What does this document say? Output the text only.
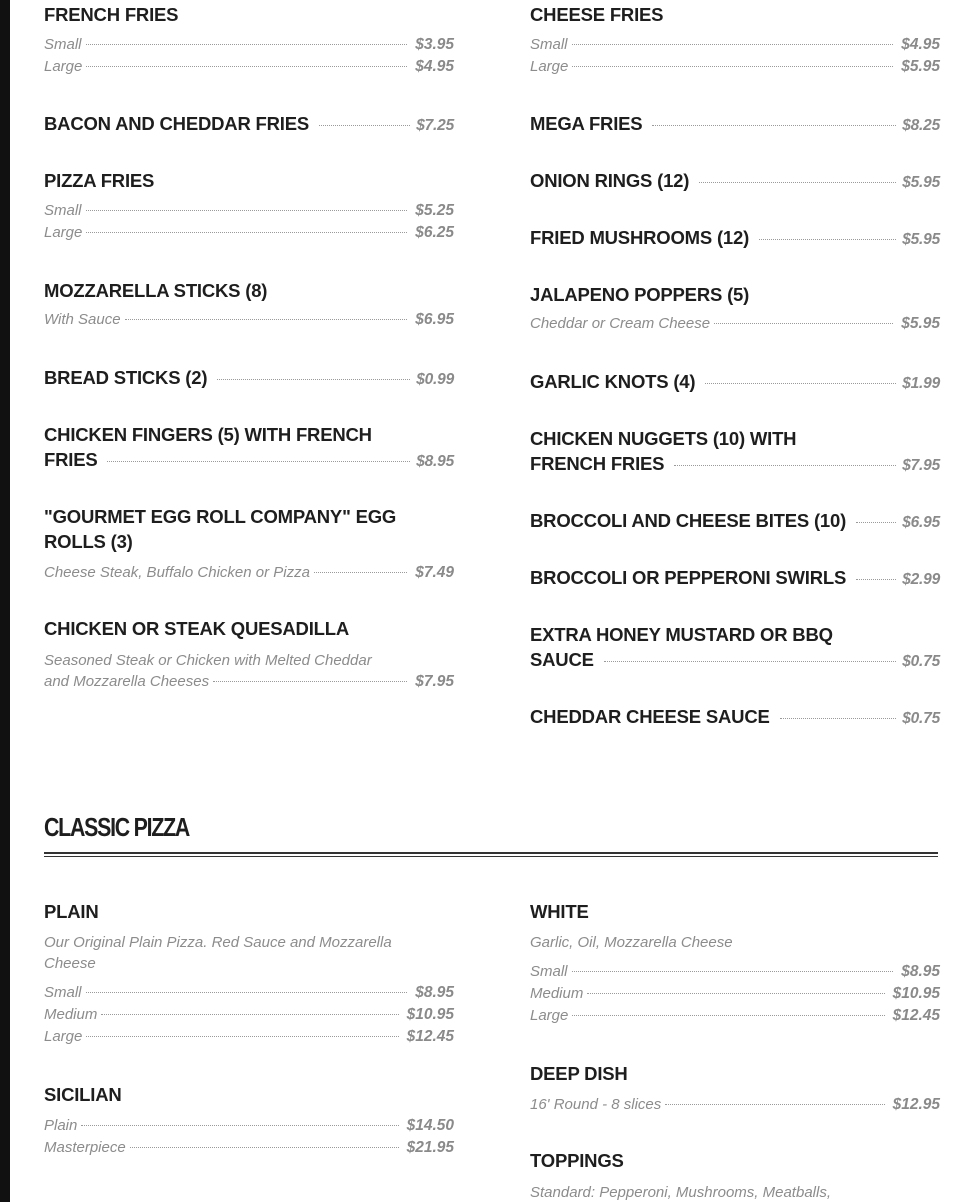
FRENCH FRIES
Small	$3.95
Large	$4.95
BACON AND CHEDDAR FRIES	$7.25
PIZZA FRIES
Small	$5.25
Large	$6.25
MOZZARELLA STICKS (8)
With Sauce	$6.95
BREAD STICKS (2)	$0.99
CHICKEN FINGERS (5) WITH FRENCH
FRIES	$8.95
"GOURMET EGG ROLL COMPANY" EGG
ROLLS (3)
Cheese Steak, Buffalo Chicken or Pizza	$7.49
CHICKEN OR STEAK QUESADILLA
Seasoned Steak or Chicken with Melted Cheddar
and Mozzarella Cheeses	$7.95
CHEESE FRIES
Small	$4.95
Large	$5.95
MEGA FRIES	$8.25
ONION RINGS (12)	$5.95
FRIED MUSHROOMS (12)	$5.95
JALAPENO POPPERS (5)
Cheddar or Cream Cheese	$5.95
GARLIC KNOTS (4)	$1.99
CHICKEN NUGGETS (10) WITH
FRENCH FRIES	$7.95
BROCCOLI AND CHEESE BITES (10)	$6.95
BROCCOLI OR PEPPERONI SWIRLS	$2.99
EXTRA HONEY MUSTARD OR BBQ
SAUCE	$0.75
CHEDDAR CHEESE SAUCE	$0.75
CLASSIC PIZZA
PLAIN
Our Original Plain Pizza. Red Sauce and Mozzarella
Cheese
Small	$8.95
Medium	$10.95
Large	$12.45
SICILIAN
Plain	$14.50
Masterpiece	$21.95
WHITE
Garlic, Oil, Mozzarella Cheese
Small	$8.95
Medium	$10.95
Large	$12.45
DEEP DISH
16' Round - 8 slices	$12.95
TOPPINGS
Standard: Pepperoni, Mushrooms, Meatballs,
